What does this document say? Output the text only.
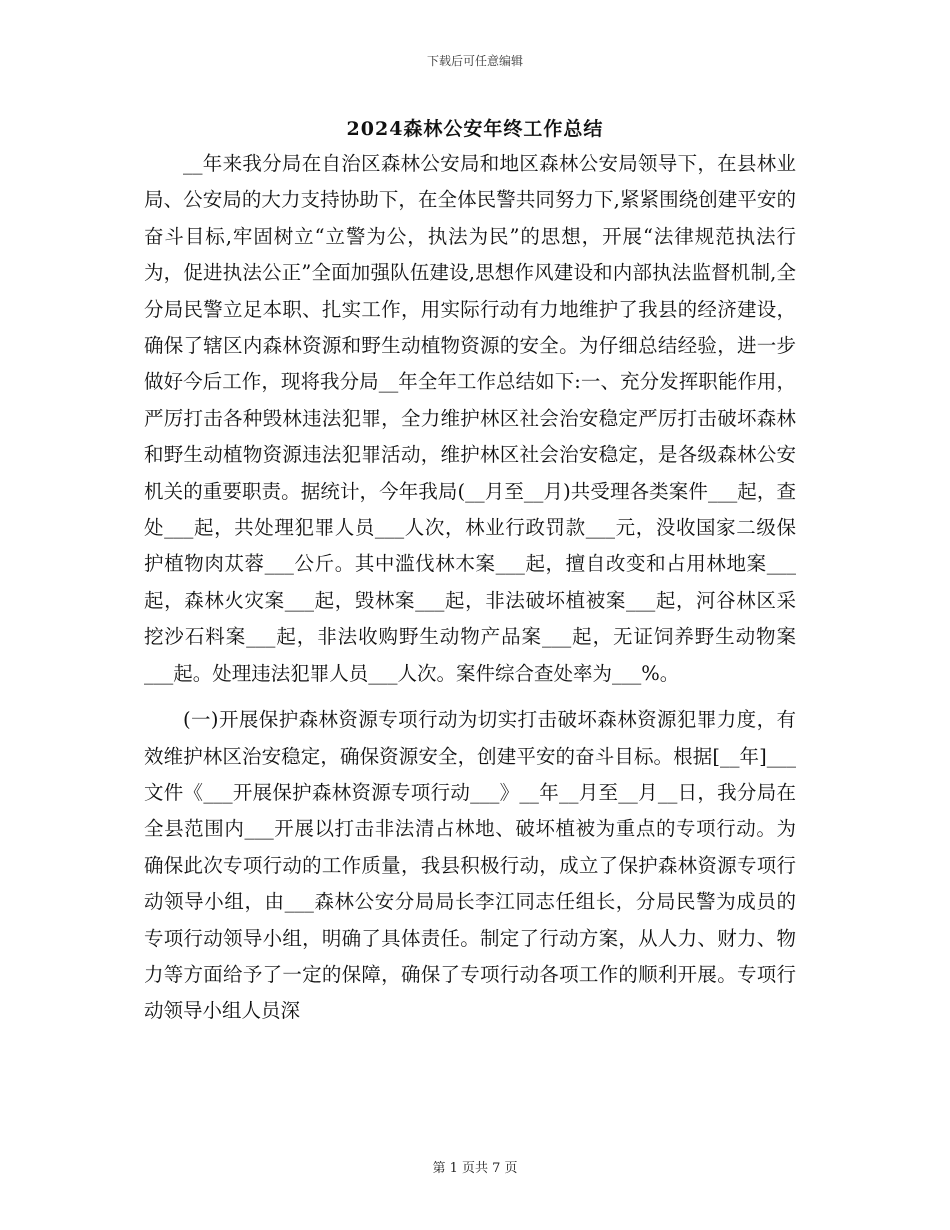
下载后可任意编辑
2024森林公安年终工作总结

__年来我分局在自治区森林公安局和地区森林公安局领导下，在县林业局、公安局的大力支持协助下，在全体民警共同努力下,紧紧围绕创建平安的奋斗目标,牢固树立“立警为公，执法为民”的思想，开展“法律规范执法行为，促进执法公正”全面加强队伍建设,思想作风建设和内部执法监督机制,全分局民警立足本职、扎实工作，用实际行动有力地维护了我县的经济建设，确保了辖区内森林资源和野生动植物资源的安全。为仔细总结经验，进一步做好今后工作，现将我分局__年全年工作总结如下:一、充分发挥职能作用，严厉打击各种毁林违法犯罪，全力维护林区社会治安稳定严厉打击破坏森林和野生动植物资源违法犯罪活动，维护林区社会治安稳定，是各级森林公安机关的重要职责。据统计，今年我局(__月至__月)共受理各类案件___起，查处___起，共处理犯罪人员___人次，林业行政罚款___元，没收国家二级保护植物肉苁蓉___公斤。其中滥伐林木案___起，擅自改变和占用林地案___起，森林火灾案___起，毁林案___起，非法破坏植被案___起，河谷林区采挖沙石料案___起，非法收购野生动物产品案___起，无证饲养野生动物案___起。处理违法犯罪人员___人次。案件综合查处率为___%。

(一)开展保护森林资源专项行动为切实打击破坏森林资源犯罪力度，有效维护林区治安稳定，确保资源安全，创建平安的奋斗目标。根据[__年]___文件《___开展保护森林资源专项行动___》__年__月至__月__日，我分局在全县范围内___开展以打击非法清占林地、破坏植被为重点的专项行动。为确保此次专项行动的工作质量，我县积极行动，成立了保护森林资源专项行动领导小组，由___森林公安分局局长李江同志任组长，分局民警为成员的专项行动领导小组，明确了具体责任。制定了行动方案，从人力、财力、物力等方面给予了一定的保障，确保了专项行动各项工作的顺利开展。专项行动领导小组人员深

第 1 页共 7 页
